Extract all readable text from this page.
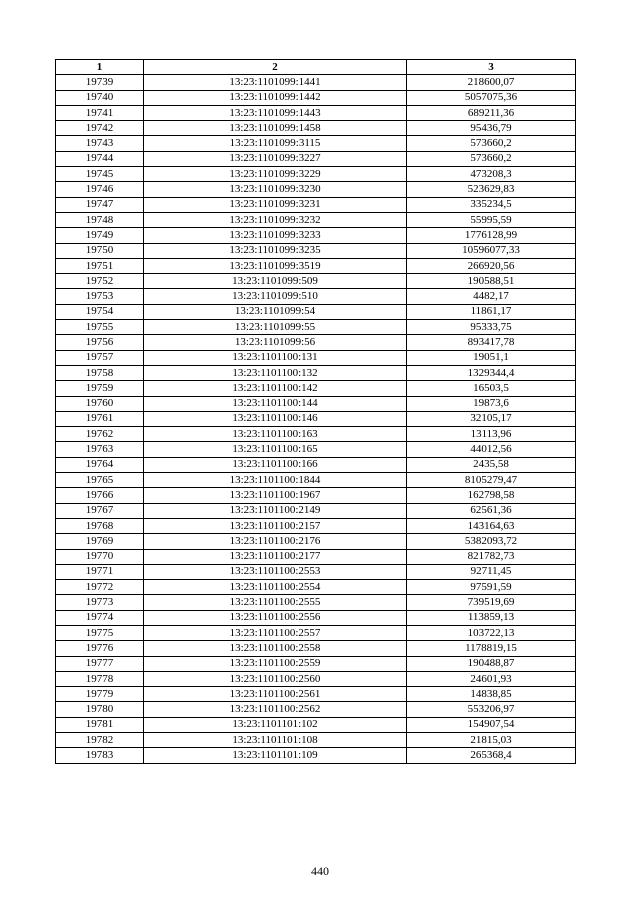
1	2	3
19739	13:23:1101099:1441	218600,07
19740	13:23:1101099:1442	5057075,36
19741	13:23:1101099:1443	689211,36
19742	13:23:1101099:1458	95436,79
19743	13:23:1101099:3115	573660,2
19744	13:23:1101099:3227	573660,2
19745	13:23:1101099:3229	473208,3
19746	13:23:1101099:3230	523629,83
19747	13:23:1101099:3231	335234,5
19748	13:23:1101099:3232	55995,59
19749	13:23:1101099:3233	1776128,99
19750	13:23:1101099:3235	10596077,33
19751	13:23:1101099:3519	266920,56
19752	13:23:1101099:509	190588,51
19753	13:23:1101099:510	4482,17
19754	13:23:1101099:54	11861,17
19755	13:23:1101099:55	95333,75
19756	13:23:1101099:56	893417,78
19757	13:23:1101100:131	19051,1
19758	13:23:1101100:132	1329344,4
19759	13:23:1101100:142	16503,5
19760	13:23:1101100:144	19873,6
19761	13:23:1101100:146	32105,17
19762	13:23:1101100:163	13113,96
19763	13:23:1101100:165	44012,56
19764	13:23:1101100:166	2435,58
19765	13:23:1101100:1844	8105279,47
19766	13:23:1101100:1967	162798,58
19767	13:23:1101100:2149	62561,36
19768	13:23:1101100:2157	143164,63
19769	13:23:1101100:2176	5382093,72
19770	13:23:1101100:2177	821782,73
19771	13:23:1101100:2553	92711,45
19772	13:23:1101100:2554	97591,59
19773	13:23:1101100:2555	739519,69
19774	13:23:1101100:2556	113859,13
19775	13:23:1101100:2557	103722,13
19776	13:23:1101100:2558	1178819,15
19777	13:23:1101100:2559	190488,87
19778	13:23:1101100:2560	24601,93
19779	13:23:1101100:2561	14838,85
19780	13:23:1101100:2562	553206,97
19781	13:23:1101101:102	154907,54
19782	13:23:1101101:108	21815,03
19783	13:23:1101101:109	265368,4
440
